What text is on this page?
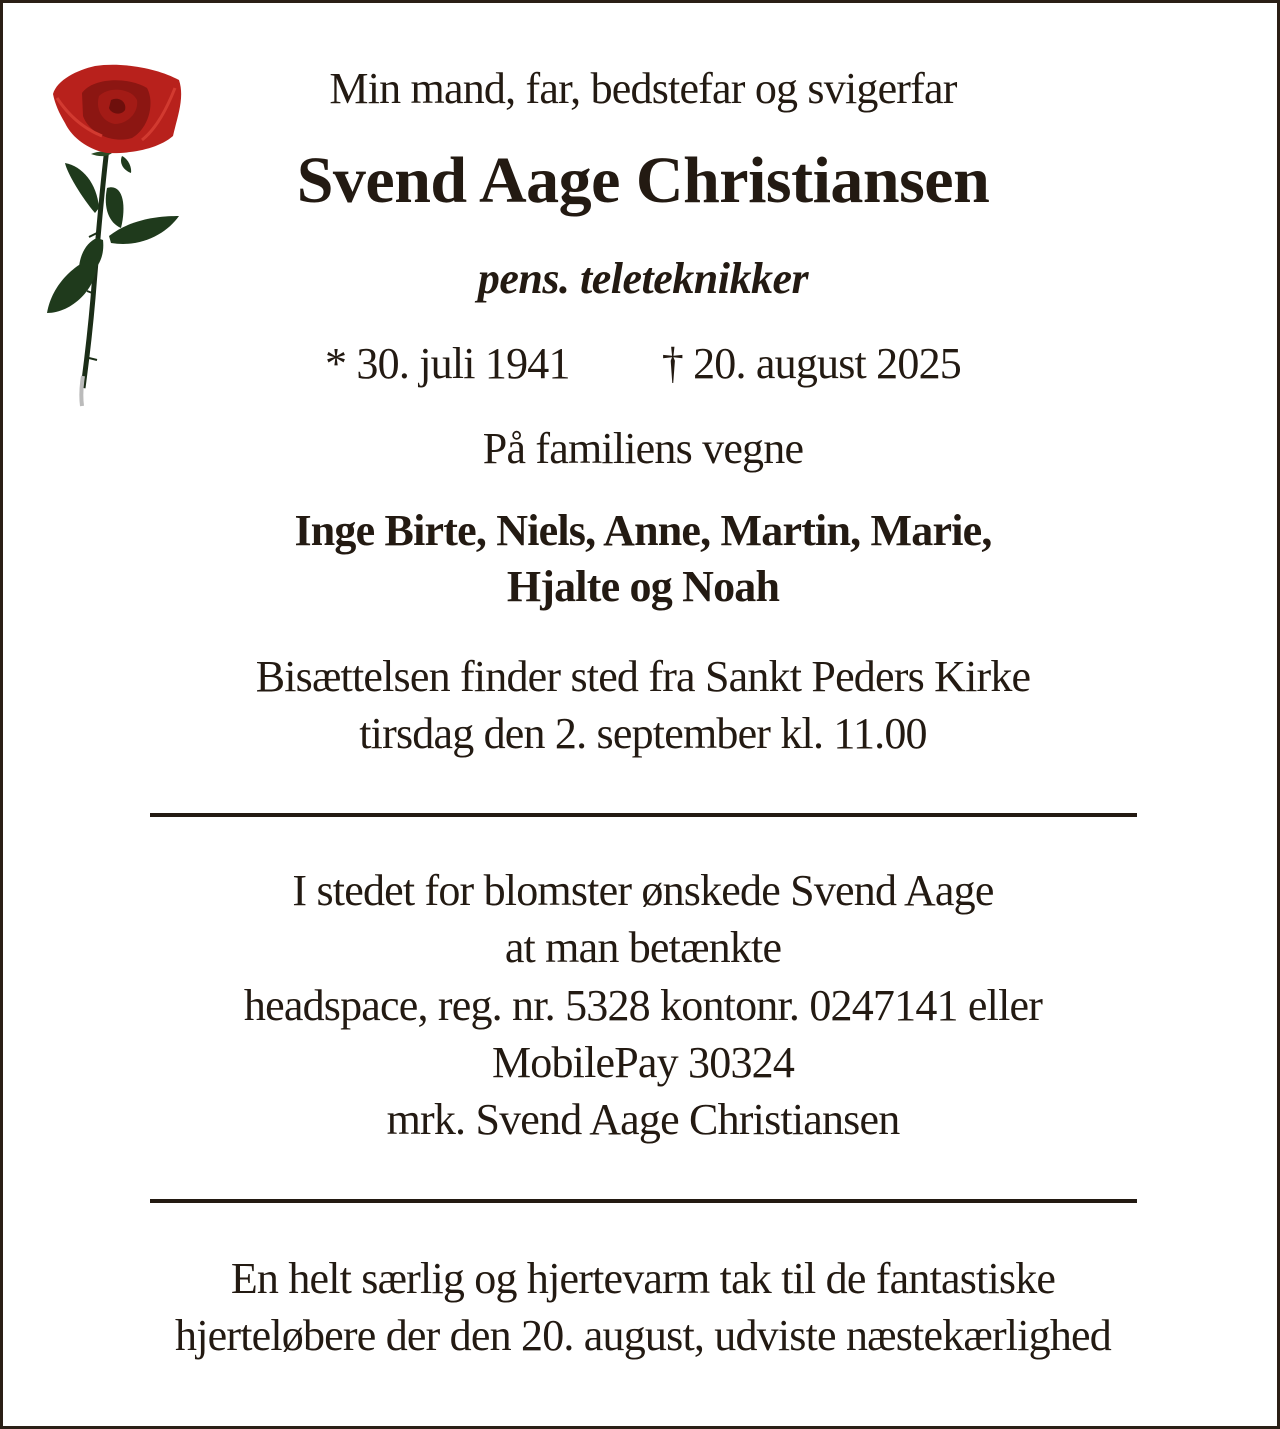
Min mand, far, bedstefar og svigerfar
Svend Aage Christiansen
pens. teleteknikker
* 30. juli 1941 † 20. august 2025
På familiens vegne
Inge Birte, Niels, Anne, Martin, Marie,
Hjalte og Noah
Bisættelsen finder sted fra Sankt Peders Kirke
tirsdag den 2. september kl. 11.00
I stedet for blomster ønskede Svend Aage
at man betænkte
headspace, reg. nr. 5328 kontonr. 0247141 eller
MobilePay 30324
mrk. Svend Aage Christiansen
En helt særlig og hjertevarm tak til de fantastiske
hjerteløbere der den 20. august, udviste næstekærlighed
